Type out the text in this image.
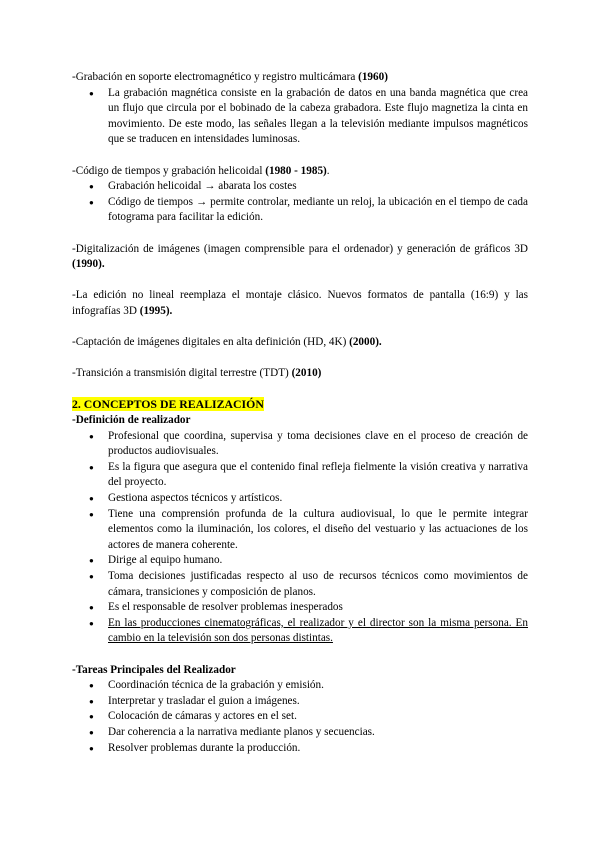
-Grabación en soporte electromagnético y registro multicámara (1960)

● La grabación magnética consiste en la grabación de datos en una banda magnética que crea un flujo que circula por el bobinado de la cabeza grabadora. Este flujo magnetiza la cinta en movimiento. De este modo, las señales llegan a la televisión mediante impulsos magnéticos que se traducen en intensidades luminosas.

-Código de tiempos y grabación helicoidal (1980 - 1985).

● Grabación helicoidal → abarata los costes
● Código de tiempos → permite controlar, mediante un reloj, la ubicación en el tiempo de cada fotograma para facilitar la edición.

-Digitalización de imágenes (imagen comprensible para el ordenador) y generación de gráficos 3D (1990).

-La edición no lineal reemplaza el montaje clásico. Nuevos formatos de pantalla (16:9) y las infografías 3D (1995).

-Captación de imágenes digitales en alta definición (HD, 4K) (2000).

-Transición a transmisión digital terrestre (TDT) (2010)

2. CONCEPTOS DE REALIZACIÓN

-Definición de realizador

● Profesional que coordina, supervisa y toma decisiones clave en el proceso de creación de productos audiovisuales.
● Es la figura que asegura que el contenido final refleja fielmente la visión creativa y narrativa del proyecto.
● Gestiona aspectos técnicos y artísticos.
● Tiene una comprensión profunda de la cultura audiovisual, lo que le permite integrar elementos como la iluminación, los colores, el diseño del vestuario y las actuaciones de los actores de manera coherente.
● Dirige al equipo humano.
● Toma decisiones justificadas respecto al uso de recursos técnicos como movimientos de cámara, transiciones y composición de planos.
● Es el responsable de resolver problemas inesperados
● En las producciones cinematográficas, el realizador y el director son la misma persona. En cambio en la televisión son dos personas distintas.

-Tareas Principales del Realizador

● Coordinación técnica de la grabación y emisión.
● Interpretar y trasladar el guion a imágenes.
● Colocación de cámaras y actores en el set.
● Dar coherencia a la narrativa mediante planos y secuencias.
● Resolver problemas durante la producción.
